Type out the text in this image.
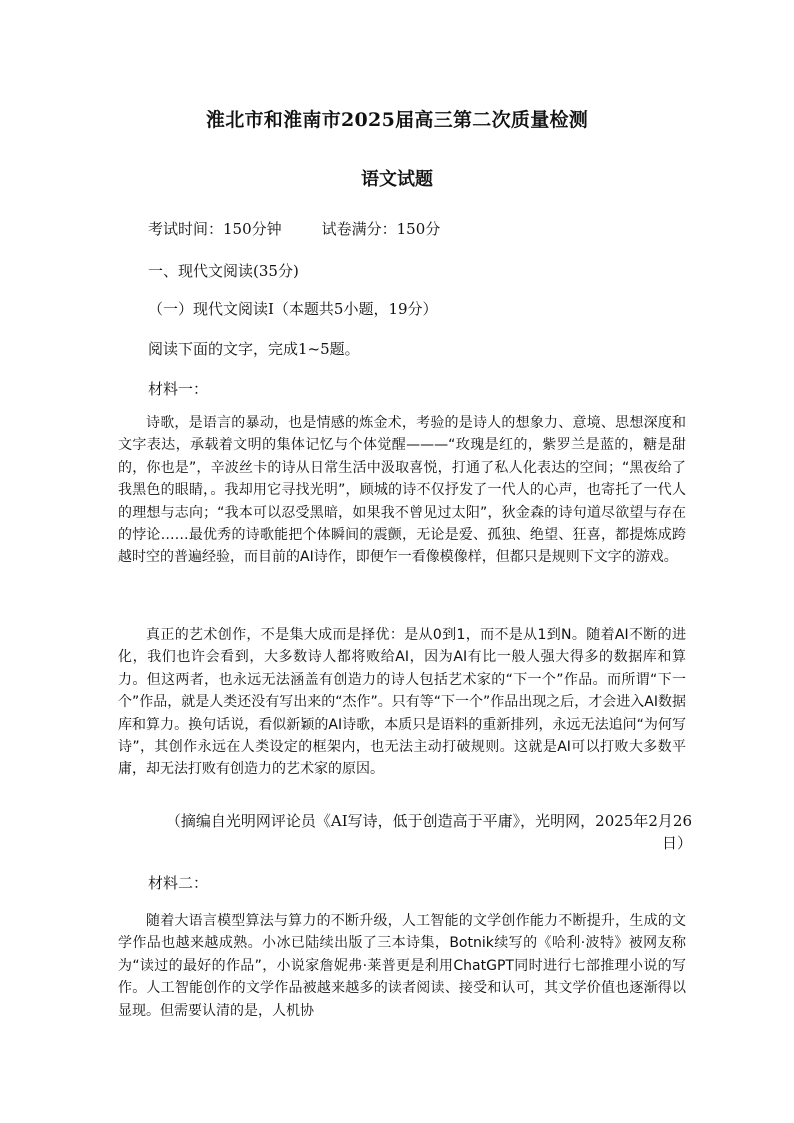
淮北市和淮南市2025届高三第二次质量检测
语文试题
考试时间：150分钟	试卷满分：150分
一、现代文阅读(35分)
（一）现代文阅读Ⅰ（本题共5小题，19分）
阅读下面的文字，完成1~5题。
材料一：

诗歌，是语言的暴动，也是情感的炼金术，考验的是诗人的想象力、意境、思想深度和文字表达，承载着文明的集体记忆与个体觉醒———“玫瑰是红的，紫罗兰是蓝的，糖是甜的，你也是”，辛波丝卡的诗从日常生活中汲取喜悦，打通了私人化表达的空间；“黑夜给了我黑色的眼睛，。我却用它寻找光明”，顾城的诗不仅抒发了一代人的心声，也寄托了一代人的理想与志向；“我本可以忍受黑暗，如果我不曾见过太阳”，狄金森的诗句道尽欲望与存在的悖论……最优秀的诗歌能把个体瞬间的震颤，无论是爱、孤独、绝望、狂喜，都提炼成跨越时空的普遍经验，而目前的AI诗作，即便乍一看像模像样，但都只是规则下文字的游戏。

真正的艺术创作，不是集大成而是择优：是从0到1，而不是从1到N。随着AI不断的进化，我们也许会看到，大多数诗人都将败给AI，因为AI有比一般人强大得多的数据库和算力。但这两者，也永远无法涵盖有创造力的诗人包括艺术家的“下一个”作品。而所谓“下一个”作品，就是人类还没有写出来的“杰作”。只有等“下一个”作品出现之后，才会进入AI数据库和算力。换句话说，看似新颖的AI诗歌，本质只是语料的重新排列，永远无法追问“为何写诗”，其创作永远在人类设定的框架内，也无法主动打破规则。这就是AI可以打败大多数平庸，却无法打败有创造力的艺术家的原因。

（摘编自光明网评论员《AI写诗，低于创造高于平庸》，光明网，2025年2月26日）

材料二：

随着大语言模型算法与算力的不断升级，人工智能的文学创作能力不断提升，生成的文学作品也越来越成熟。小冰已陆续出版了三本诗集，Botnik续写的《哈利·波特》被网友称为“读过的最好的作品”，小说家詹妮弗·莱普更是利用ChatGPT同时进行七部推理小说的写作。人工智能创作的文学作品被越来越多的读者阅读、接受和认可，其文学价值也逐渐得以显现。但需要认清的是，人机协
